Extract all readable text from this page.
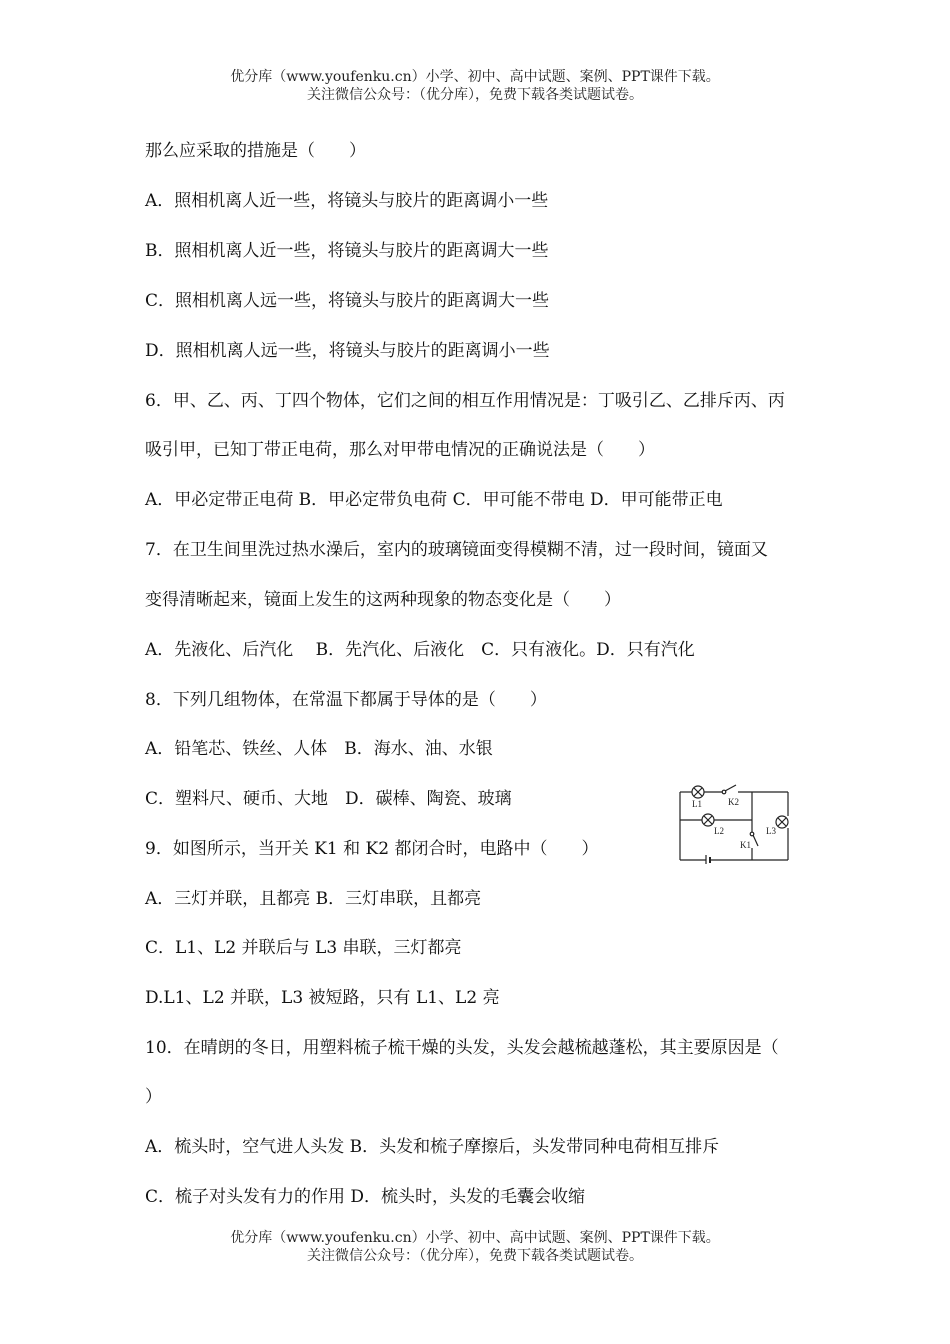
优分库（www.youfenku.cn）小学、初中、高中试题、案例、PPT课件下载。
关注微信公众号：（优分库），免费下载各类试题试卷。
那么应采取的措施是（　　）
A．照相机离人近一些，将镜头与胶片的距离调小一些
B．照相机离人近一些，将镜头与胶片的距离调大一些
C．照相机离人远一些，将镜头与胶片的距离调大一些
D．照相机离人远一些，将镜头与胶片的距离调小一些
6．甲、乙、丙、丁四个物体，它们之间的相互作用情况是：丁吸引乙、乙排斥丙、丙
吸引甲，已知丁带正电荷，那么对甲带电情况的正确说法是（　　）
A．甲必定带正电荷 B．甲必定带负电荷 C．甲可能不带电 D．甲可能带正电
7．在卫生间里洗过热水澡后，室内的玻璃镜面变得模糊不清，过一段时间，镜面又
变得清晰起来，镜面上发生的这两种现象的物态变化是（　　）
A．先液化、后汽化　 B．先汽化、后液化　C．只有液化。D．只有汽化
8．下列几组物体，在常温下都属于导体的是（　　）
A．铅笔芯、铁丝、人体　B．海水、油、水银
C．塑料尺、硬币、大地　D．碳棒、陶瓷、玻璃
9．如图所示，当开关 K1 和 K2 都闭合时，电路中（　　）
A．三灯并联，且都亮 B．三灯串联，且都亮
C．L1、L2 并联后与 L3 串联，三灯都亮
D.L1、L2 并联，L3 被短路，只有 L1、L2 亮
10．在晴朗的冬日，用塑料梳子梳干燥的头发，头发会越梳越蓬松，其主要原因是（
）
A．梳头时，空气进人头发 B．头发和梳子摩擦后，头发带同种电荷相互排斥
C．梳子对头发有力的作用 D．梳头时，头发的毛囊会收缩
L1	K2
L2	L3
K1
优分库（www.youfenku.cn）小学、初中、高中试题、案例、PPT课件下载。
关注微信公众号：（优分库），免费下载各类试题试卷。
